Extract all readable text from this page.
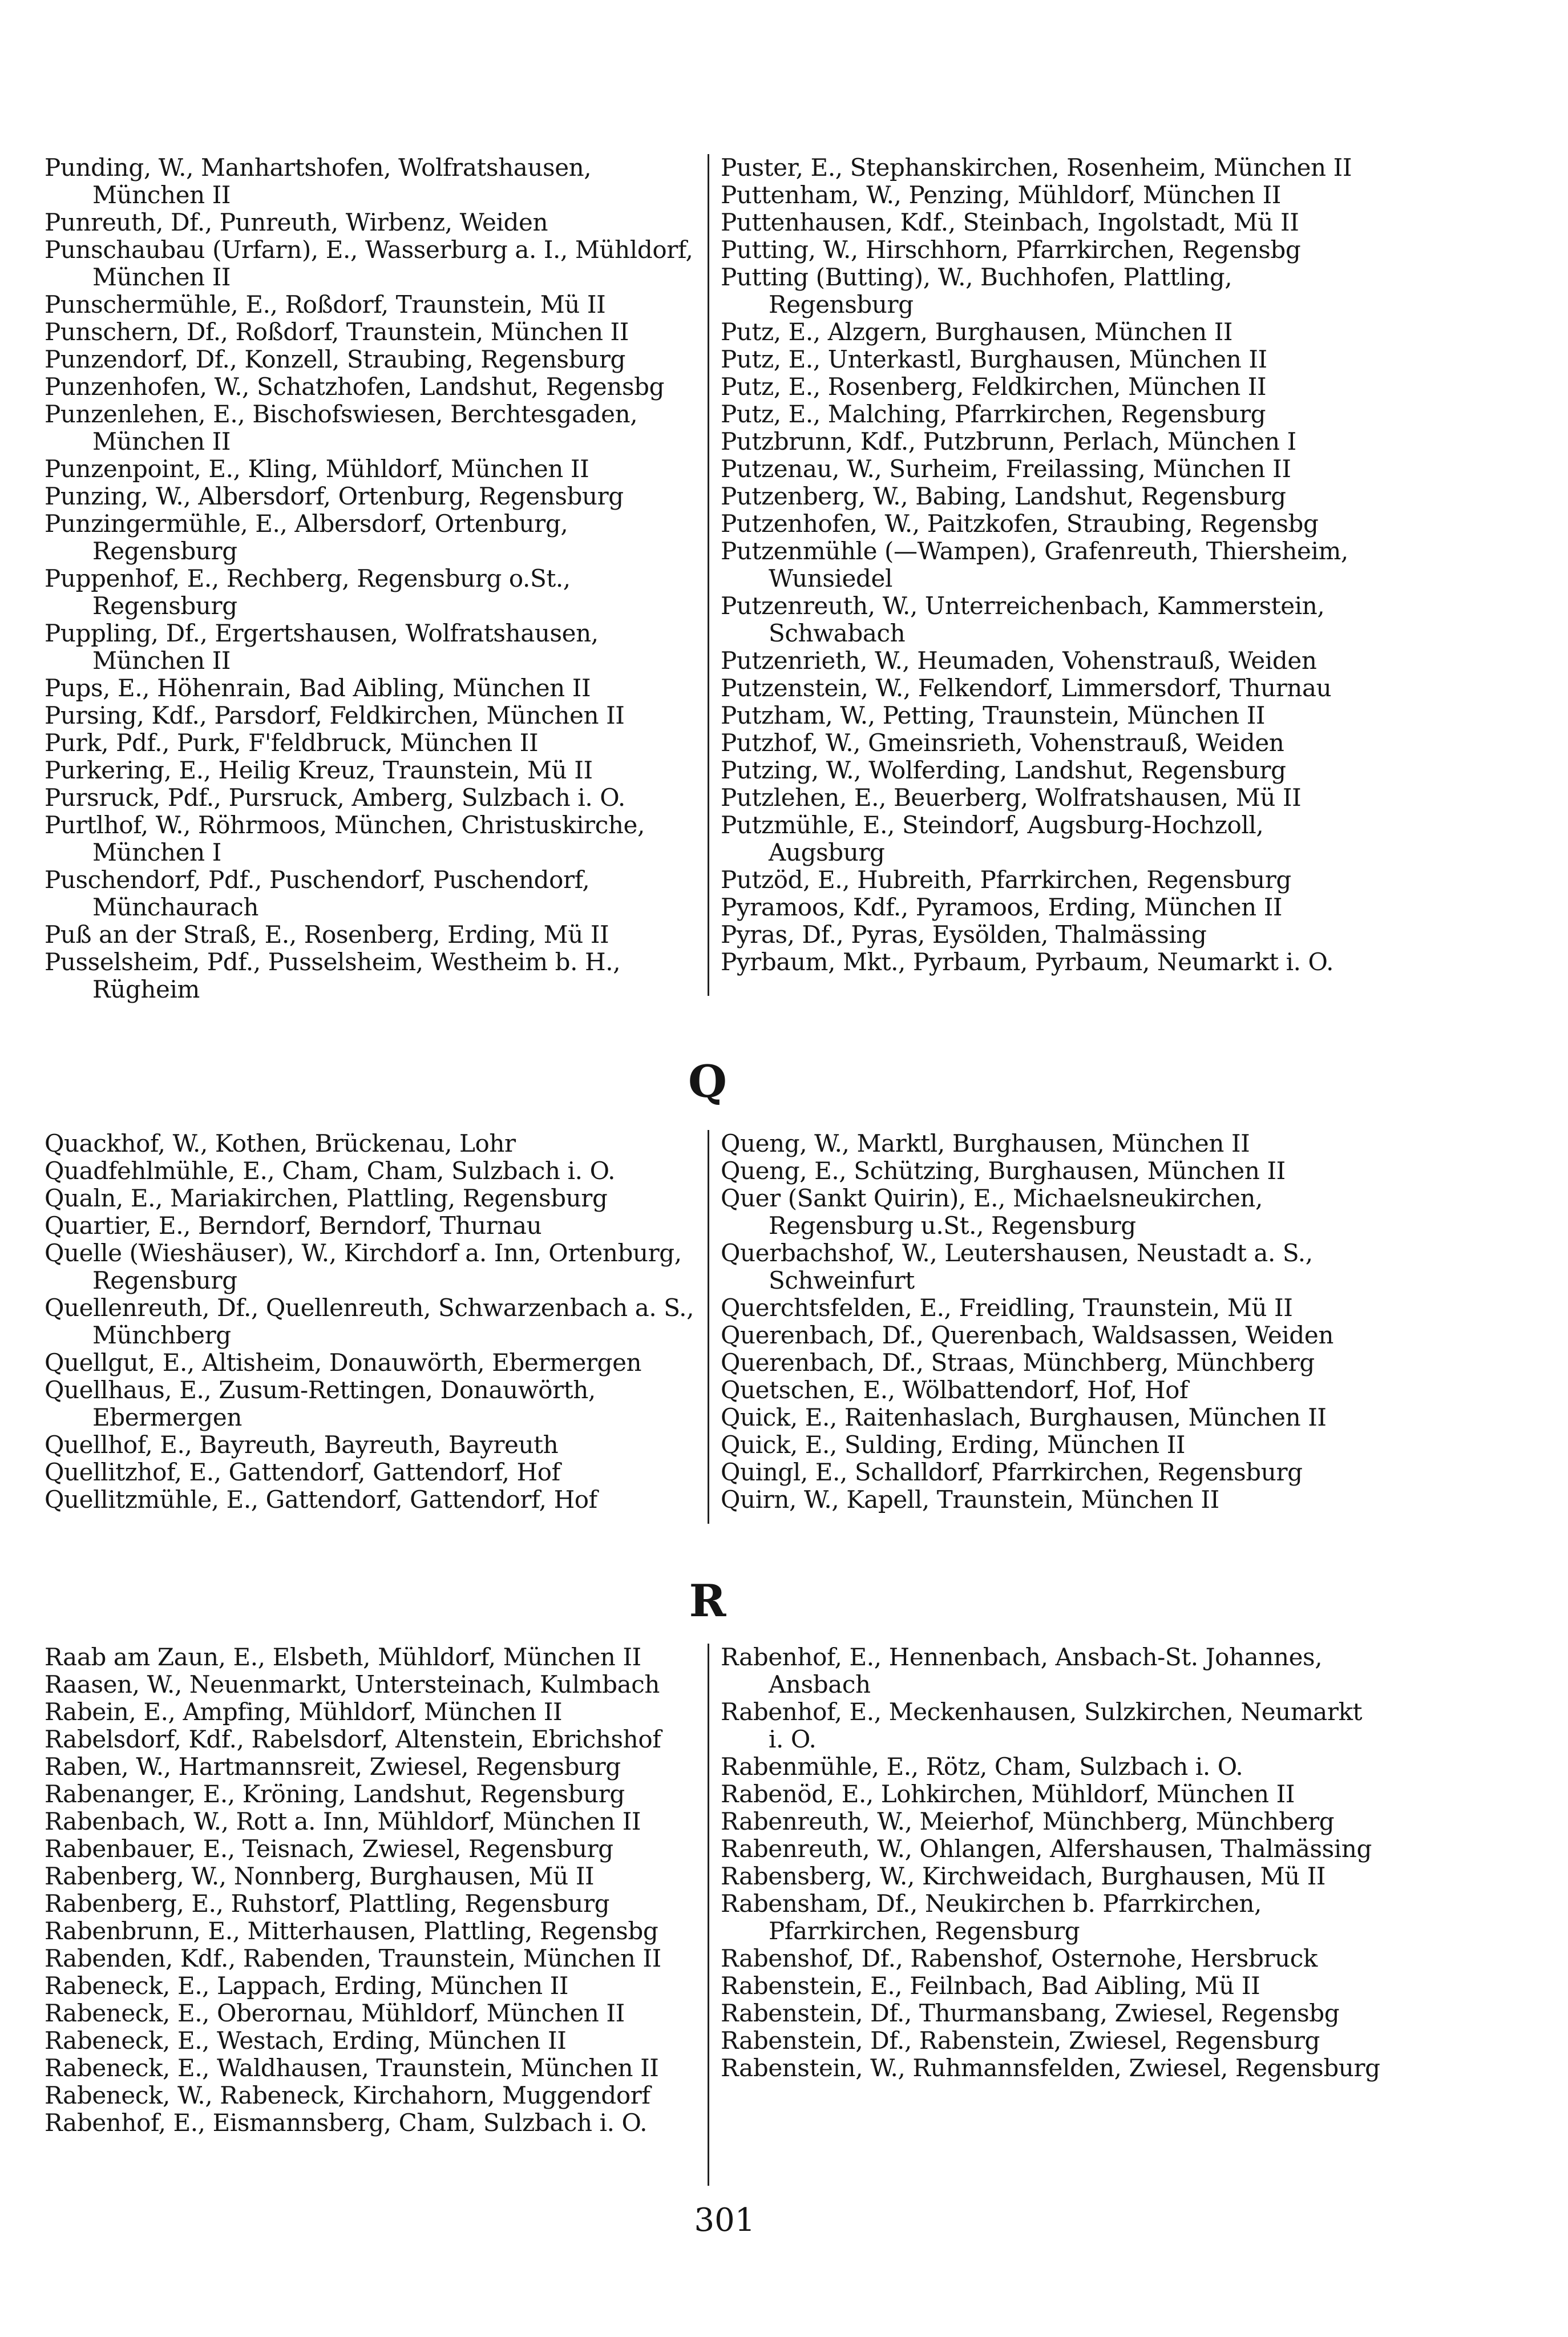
Punding, W., Manhartshofen, Wolfratshausen, München II

Punreuth, Df., Punreuth, Wirbenz, Weiden

Punschaubau (Urfarn), E., Wasserburg a. I., Mühldorf, München II

Punschermühle, E., Roßdorf, Traunstein, Mü II

Punschern, Df., Roßdorf, Traunstein, München II

Punzendorf, Df., Konzell, Straubing, Regensburg

Punzenhofen, W., Schatzhofen, Landshut, Regensbg

Punzenlehen, E., Bischofswiesen, Berchtesgaden, München II

Punzenpoint, E., Kling, Mühldorf, München II

Punzing, W., Albersdorf, Ortenburg, Regensburg

Punzingermühle, E., Albersdorf, Ortenburg, Regensburg

Puppenhof, E., Rechberg, Regensburg o.St., Regensburg

Puppling, Df., Ergertshausen, Wolfratshausen, München II

Pups, E., Höhenrain, Bad Aibling, München II

Pursing, Kdf., Parsdorf, Feldkirchen, München II

Purk, Pdf., Purk, F'feldbruck, München II

Purkering, E., Heilig Kreuz, Traunstein, Mü II

Pursruck, Pdf., Pursruck, Amberg, Sulzbach i. O.

Purtlhof, W., Röhrmoos, München, Christuskirche, München I

Puschendorf, Pdf., Puschendorf, Puschendorf, Münchaurach

Puß an der Straß, E., Rosenberg, Erding, Mü II

Pusselsheim, Pdf., Pusselsheim, Westheim b. H., Rügheim

Puster, E., Stephanskirchen, Rosenheim, München II

Puttenham, W., Penzing, Mühldorf, München II

Puttenhausen, Kdf., Steinbach, Ingolstadt, Mü II

Putting, W., Hirschhorn, Pfarrkirchen, Regensbg

Putting (Butting), W., Buchhofen, Plattling, Regensburg

Putz, E., Alzgern, Burghausen, München II

Putz, E., Unterkastl, Burghausen, München II

Putz, E., Rosenberg, Feldkirchen, München II

Putz, E., Malching, Pfarrkirchen, Regensburg

Putzbrunn, Kdf., Putzbrunn, Perlach, München I

Putzenau, W., Surheim, Freilassing, München II

Putzenberg, W., Babing, Landshut, Regensburg

Putzenhofen, W., Paitzkofen, Straubing, Regensbg

Putzenmühle (—Wampen), Grafenreuth, Thiersheim, Wunsiedel

Putzenreuth, W., Unterreichenbach, Kammerstein, Schwabach

Putzenrieth, W., Heumaden, Vohenstrauß, Weiden

Putzenstein, W., Felkendorf, Limmersdorf, Thurnau

Putzham, W., Petting, Traunstein, München II

Putzhof, W., Gmeinsrieth, Vohenstrauß, Weiden

Putzing, W., Wolferding, Landshut, Regensburg

Putzlehen, E., Beuerberg, Wolfratshausen, Mü II

Putzmühle, E., Steindorf, Augsburg-Hochzoll, Augsburg

Putzöd, E., Hubreith, Pfarrkirchen, Regensburg

Pyramoos, Kdf., Pyramoos, Erding, München II

Pyras, Df., Pyras, Eysölden, Thalmässing

Pyrbaum, Mkt., Pyrbaum, Pyrbaum, Neumarkt i. O.

Q

Quackhof, W., Kothen, Brückenau, Lohr

Quadfehlmühle, E., Cham, Cham, Sulzbach i. O.

Qualn, E., Mariakirchen, Plattling, Regensburg

Quartier, E., Berndorf, Berndorf, Thurnau

Quelle (Wieshäuser), W., Kirchdorf a. Inn, Ortenburg, Regensburg

Quellenreuth, Df., Quellenreuth, Schwarzenbach a. S., Münchberg

Quellgut, E., Altisheim, Donauwörth, Ebermergen

Quellhaus, E., Zusum-Rettingen, Donauwörth, Ebermergen

Quellhof, E., Bayreuth, Bayreuth, Bayreuth

Quellitzhof, E., Gattendorf, Gattendorf, Hof

Quellitzmühle, E., Gattendorf, Gattendorf, Hof

Queng, W., Marktl, Burghausen, München II

Queng, E., Schützing, Burghausen, München II

Quer (Sankt Quirin), E., Michaelsneukirchen, Regensburg u.St., Regensburg

Querbachshof, W., Leutershausen, Neustadt a. S., Schweinfurt

Querchtsfelden, E., Freidling, Traunstein, Mü II

Querenbach, Df., Querenbach, Waldsassen, Weiden

Querenbach, Df., Straas, Münchberg, Münchberg

Quetschen, E., Wölbattendorf, Hof, Hof

Quick, E., Raitenhaslach, Burghausen, München II

Quick, E., Sulding, Erding, München II

Quingl, E., Schalldorf, Pfarrkirchen, Regensburg

Quirn, W., Kapell, Traunstein, München II

R

Raab am Zaun, E., Elsbeth, Mühldorf, München II

Raasen, W., Neuenmarkt, Untersteinach, Kulmbach

Rabein, E., Ampfing, Mühldorf, München II

Rabelsdorf, Kdf., Rabelsdorf, Altenstein, Ebrichshof

Raben, W., Hartmannsreit, Zwiesel, Regensburg

Rabenanger, E., Kröning, Landshut, Regensburg

Rabenbach, W., Rott a. Inn, Mühldorf, München II

Rabenbauer, E., Teisnach, Zwiesel, Regensburg

Rabenberg, W., Nonnberg, Burghausen, Mü II

Rabenberg, E., Ruhstorf, Plattling, Regensburg

Rabenbrunn, E., Mitterhausen, Plattling, Regensbg

Rabenden, Kdf., Rabenden, Traunstein, München II

Rabeneck, E., Lappach, Erding, München II

Rabeneck, E., Oberornau, Mühldorf, München II

Rabeneck, E., Westach, Erding, München II

Rabeneck, E., Waldhausen, Traunstein, München II

Rabeneck, W., Rabeneck, Kirchahorn, Muggendorf

Rabenhof, E., Eismannsberg, Cham, Sulzbach i. O.

Rabenhof, E., Hennenbach, Ansbach-St. Johannes, Ansbach

Rabenhof, E., Meckenhausen, Sulzkirchen, Neumarkt i. O.

Rabenmühle, E., Rötz, Cham, Sulzbach i. O.

Rabenöd, E., Lohkirchen, Mühldorf, München II

Rabenreuth, W., Meierhof, Münchberg, Münchberg

Rabenreuth, W., Ohlangen, Alfershausen, Thalmässing

Rabensberg, W., Kirchweidach, Burghausen, Mü II

Rabensham, Df., Neukirchen b. Pfarrkirchen, Pfarrkirchen, Regensburg

Rabenshof, Df., Rabenshof, Osternohe, Hersbruck

Rabenstein, E., Feilnbach, Bad Aibling, Mü II

Rabenstein, Df., Thurmansbang, Zwiesel, Regensbg

Rabenstein, Df., Rabenstein, Zwiesel, Regensburg

Rabenstein, W., Ruhmannsfelden, Zwiesel, Regensburg

301
